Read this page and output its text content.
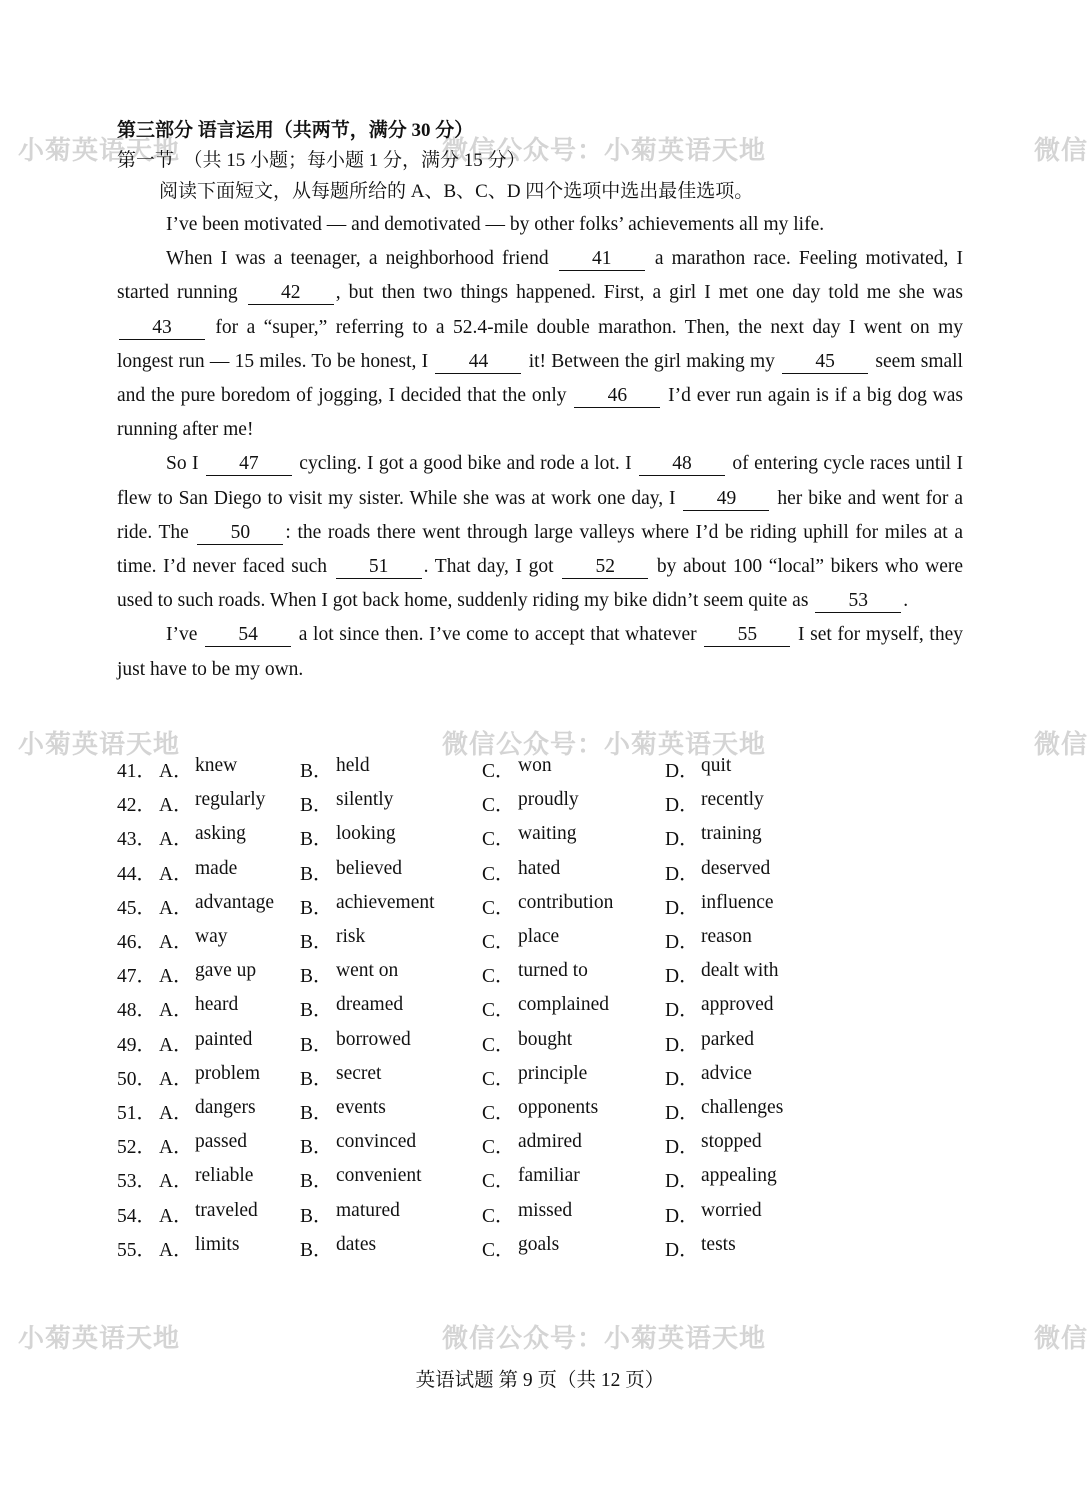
小菊英语天地	微信公众号：小菊英语天地	微信
小菊英语天地	微信公众号：小菊英语天地	微信
小菊英语天地	微信公众号：小菊英语天地	微信

第三部分 语言运用（共两节，满分 30 分）

第一节　（共 15 小题；每小题 1 分，满分 15 分）

阅读下面短文，从每题所给的 A、B、C、D 四个选项中选出最佳选项。

I’ve been motivated — and demotivated — by other folks’ achievements all my life.

When I was a teenager, a neighborhood friend 41 a marathon race. Feeling motivated, I started running 42 , but then two things happened. First, a girl I met one day told me she was 43 for a “super,” referring to a 52.4-mile double marathon. Then, the next day I went on my longest run — 15 miles. To be honest, I 44 it! Between the girl making my 45 seem small and the pure boredom of jogging, I decided that the only 46 I’d ever run again is if a big dog was running after me!

So I 47 cycling. I got a good bike and rode a lot. I 48 of entering cycle races until I flew to San Diego to visit my sister. While she was at work one day, I 49 her bike and went for a ride. The 50 : the roads there went through large valleys where I’d be riding uphill for miles at a time. I’d never faced such 51 . That day, I got 52 by about 100 “local” bikers who were used to such roads. When I got back home, suddenly riding my bike didn’t seem quite as 53 .

I’ve 54 a lot since then. I’ve come to accept that whatever 55 I set for myself, they just have to be my own.

41． A． knew	B． held	C． won	D． quit
42． A． regularly B． silently	C． proudly	D． recently
43． A． asking	B． looking	C． waiting	D． training
44． A． made	B． believed	C． hated	D． deserved
45． A． advantage B． achievement C． contribution	D． influence
46． A． way	B． risk	C． place	D． reason
47． A． gave up B． went on	C． turned to	D． dealt with
48． A． heard	B． dreamed	C． complained	D． approved
49． A． painted B． borrowed	C． bought	D． parked
50． A． problem B． secret	C． principle	D． advice
51． A． dangers B． events	C． opponents	D． challenges
52． A． passed	B． convinced	C． admired	D． stopped
53． A． reliable B． convenient	C． familiar	D． appealing
54． A． traveled B． matured	C． missed	D． worried
55． A． limits	B． dates	C． goals	D． tests
英语试题 第 9 页（共 12 页）
